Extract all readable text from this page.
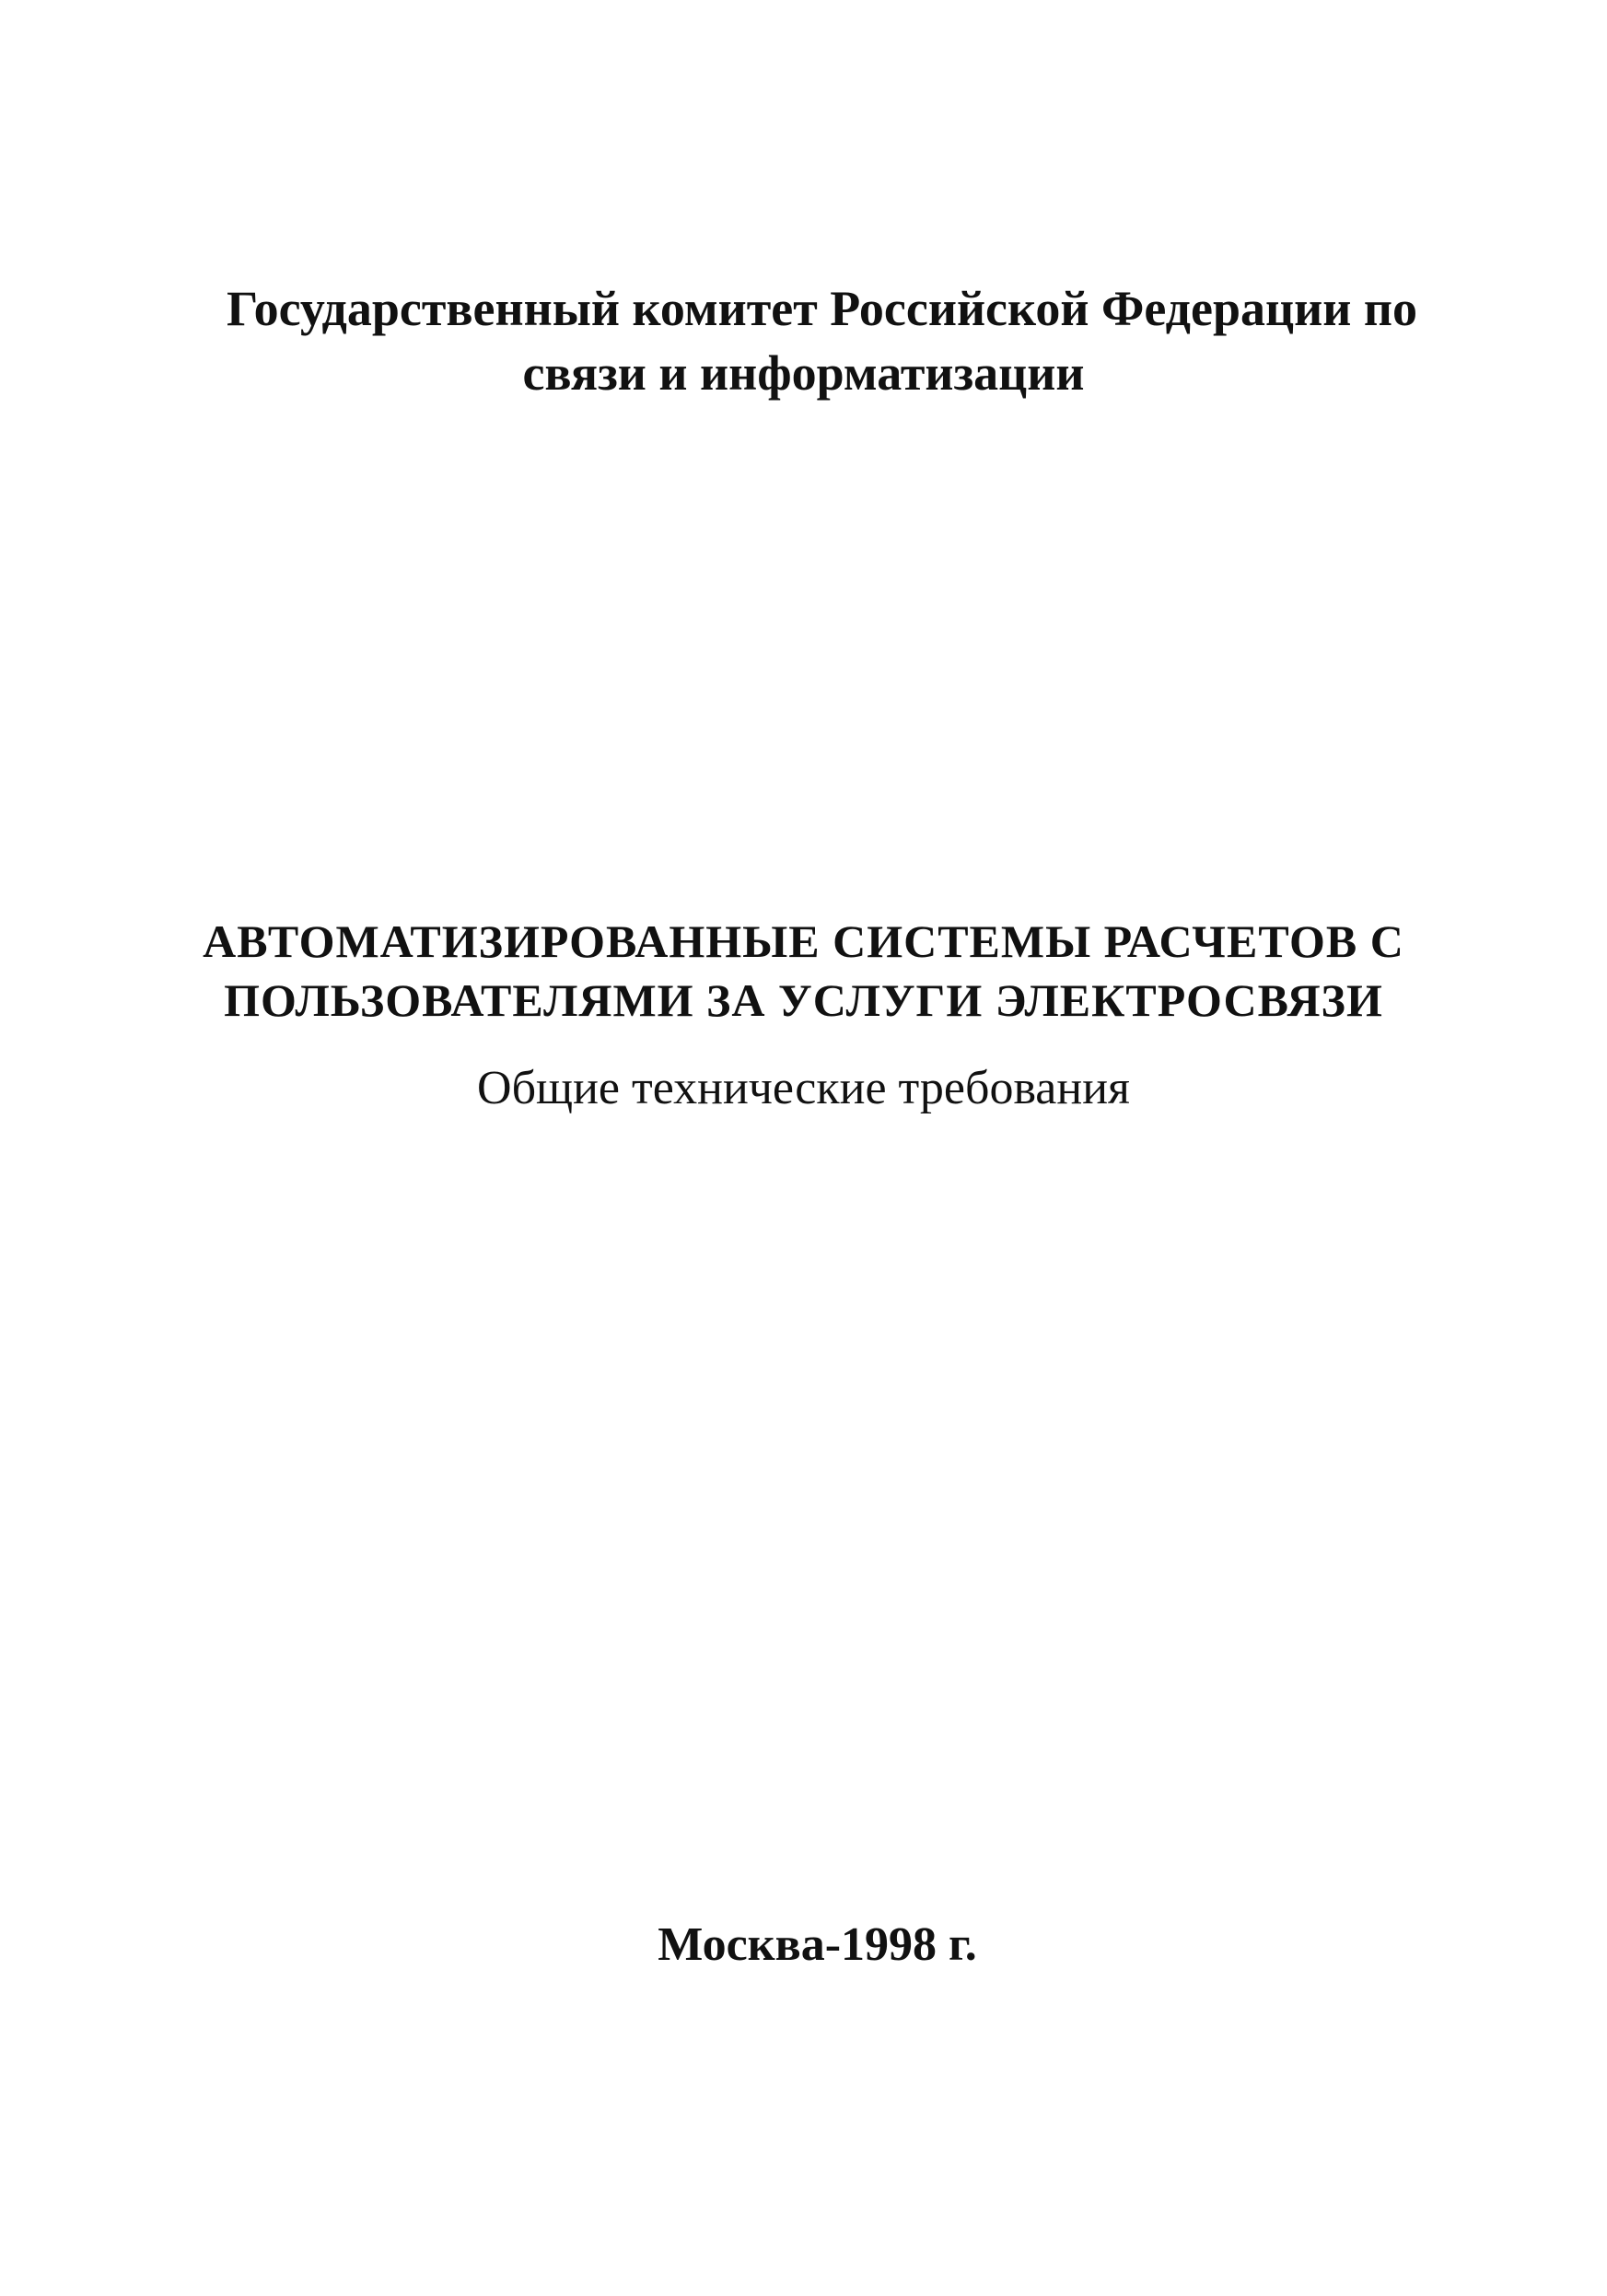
Государственный комитет Российской Федерации по
связи и информатизации
АВТОМАТИЗИРОВАННЫЕ СИСТЕМЫ РАСЧЕТОВ С
ПОЛЬЗОВАТЕЛЯМИ ЗА УСЛУГИ ЭЛЕКТРОСВЯЗИ
Общие технические требования
Москва-1998 г.
